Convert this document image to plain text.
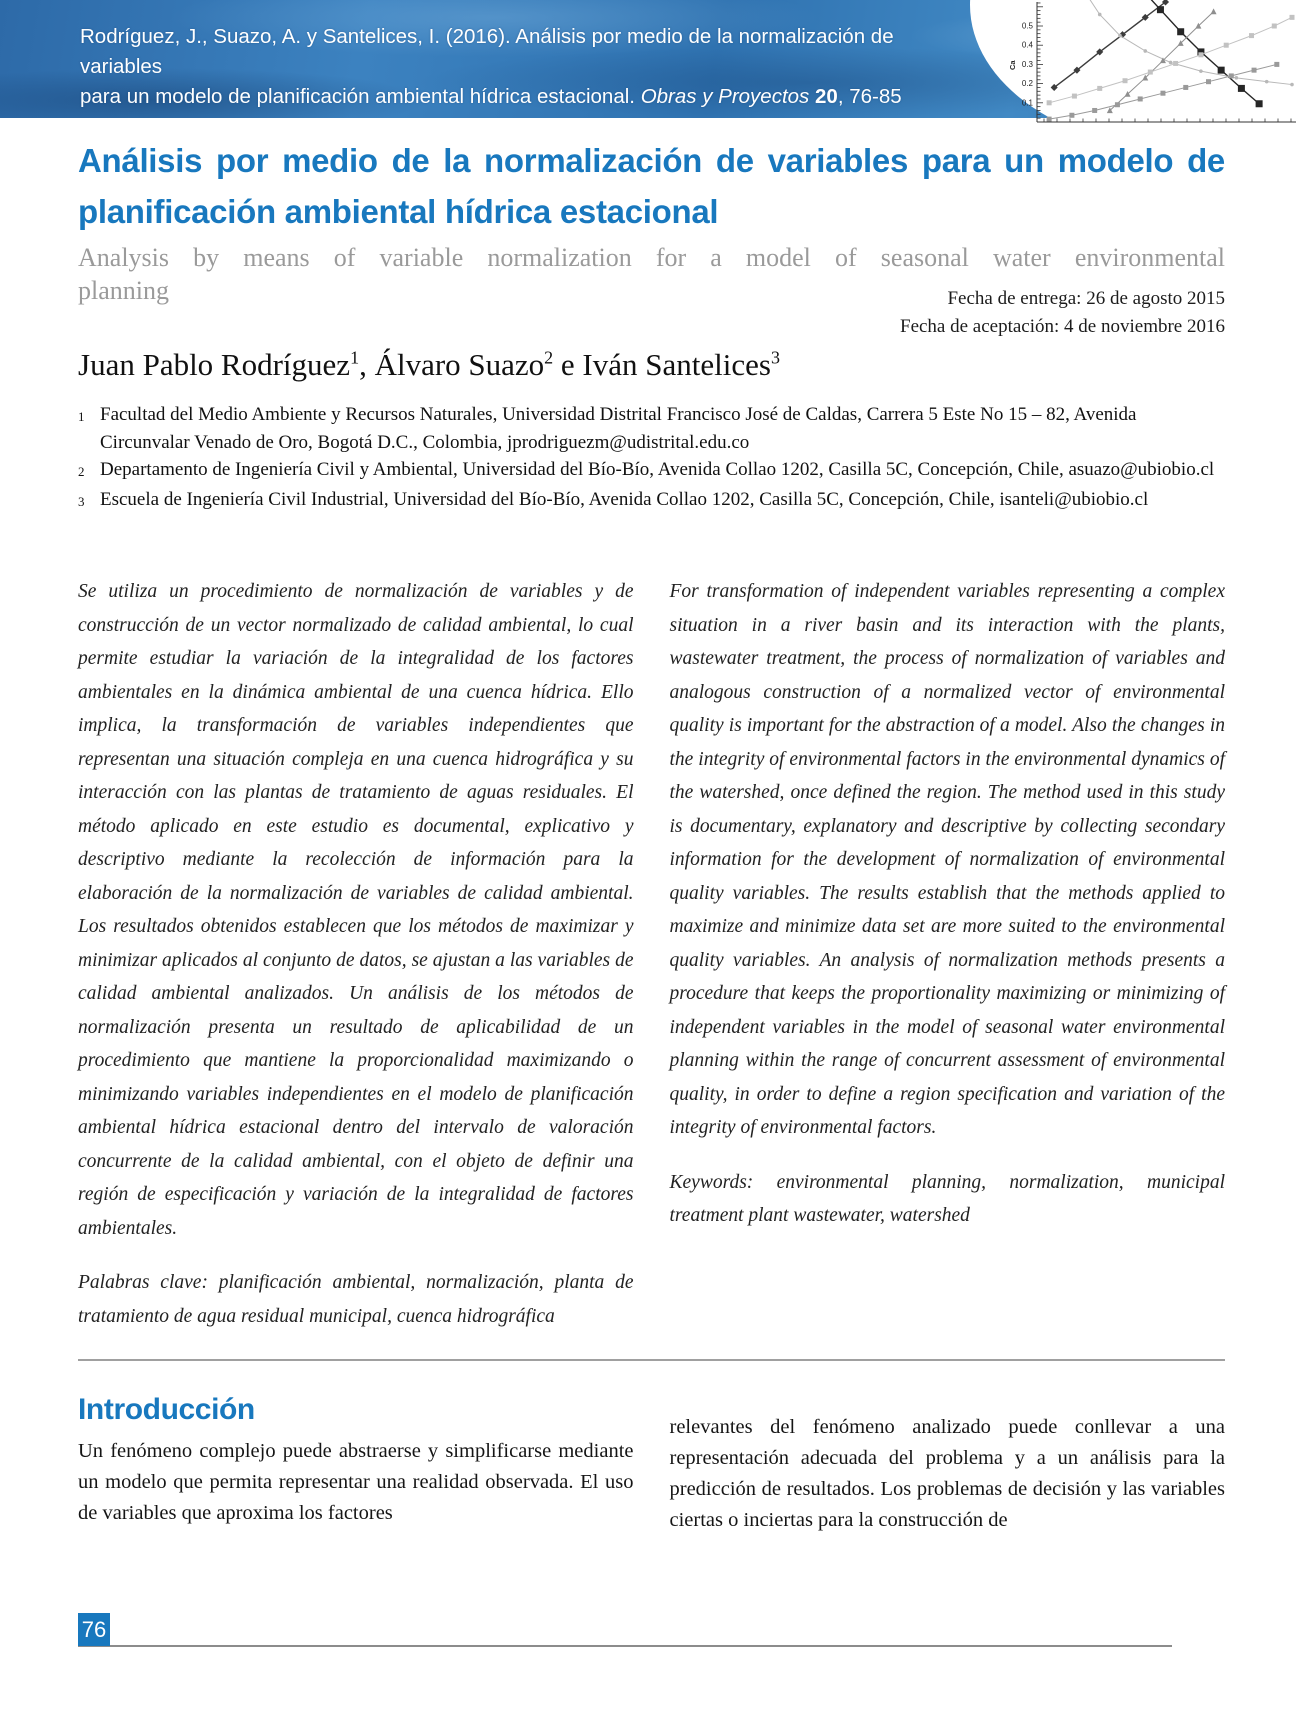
Rodríguez, J., Suazo, A. y Santelices, I. (2016). Análisis por medio de la normalización de variables
para un modelo de planificación ambiental hídrica estacional. Obras y Proyectos 20, 76-85
0.5
0.4
0.3
0.2
0.1
Ca
Análisis por medio de la normalización de variables para un modelo de
planificación ambiental hídrica estacional
Analysis by means of variable normalization for a model of seasonal water environmental
planning	Fecha de entrega: 26 de agosto 2015
Fecha de aceptación: 4 de noviembre 2016
Juan Pablo Rodríguez$^1$, Álvaro Suazo$^2$ e Iván Santelices$^3$
1 Facultad del Medio Ambiente y Recursos Naturales, Universidad Distrital Francisco José de Caldas, Carrera 5 Este No 15 – 82, Avenida Circunvalar Venado de Oro, Bogotá D.C., Colombia, jprodriguezm@udistrital.edu.co
2 Departamento de Ingeniería Civil y Ambiental, Universidad del Bío-Bío, Avenida Collao 1202, Casilla 5C, Concepción, Chile, asuazo@ubiobio.cl
3 Escuela de Ingeniería Civil Industrial, Universidad del Bío-Bío, Avenida Collao 1202, Casilla 5C, Concepción, Chile, isanteli@ubiobio.cl

Se utiliza un procedimiento de normalización de variables y de construcción de un vector normalizado de calidad ambiental, lo cual permite estudiar la variación de la integralidad de los factores ambientales en la dinámica ambiental de una cuenca hídrica. Ello implica, la transformación de variables independientes que representan una situación compleja en una cuenca hidrográfica y su interacción con las plantas de tratamiento de aguas residuales. El método aplicado en este estudio es documental, explicativo y descriptivo mediante la recolección de información para la elaboración de la normalización de variables de calidad ambiental. Los resultados obtenidos establecen que los métodos de maximizar y minimizar aplicados al conjunto de datos, se ajustan a las variables de calidad ambiental analizados. Un análisis de los métodos de normalización presenta un resultado de aplicabilidad de un procedimiento que mantiene la proporcionalidad maximizando o minimizando variables independientes en el modelo de planificación ambiental hídrica estacional dentro del intervalo de valoración concurrente de la calidad ambiental, con el objeto de definir una región de especificación y variación de la integralidad de factores ambientales.

Palabras clave: planificación ambiental, normalización, planta de tratamiento de agua residual municipal, cuenca hidrográfica

For transformation of independent variables representing a complex situation in a river basin and its interaction with the plants, wastewater treatment, the process of normalization of variables and analogous construction of a normalized vector of environmental quality is important for the abstraction of a model. Also the changes in the integrity of environmental factors in the environmental dynamics of the watershed, once defined the region. The method used in this study is documentary, explanatory and descriptive by collecting secondary information for the development of normalization of environmental quality variables. The results establish that the methods applied to maximize and minimize data set are more suited to the environmental quality variables. An analysis of normalization methods presents a procedure that keeps the proportionality maximizing or minimizing of independent variables in the model of seasonal water environmental planning within the range of concurrent assessment of environmental quality, in order to define a region specification and variation of the integrity of environmental factors.

Keywords: environmental planning, normalization, municipal treatment plant wastewater, watershed

Introducción

Un fenómeno complejo puede abstraerse y simplificarse mediante un modelo que permita representar una realidad observada. El uso de variables que aproxima los factores

relevantes del fenómeno analizado puede conllevar a una representación adecuada del problema y a un análisis para la predicción de resultados. Los problemas de decisión y las variables ciertas o inciertas para la construcción de

76
